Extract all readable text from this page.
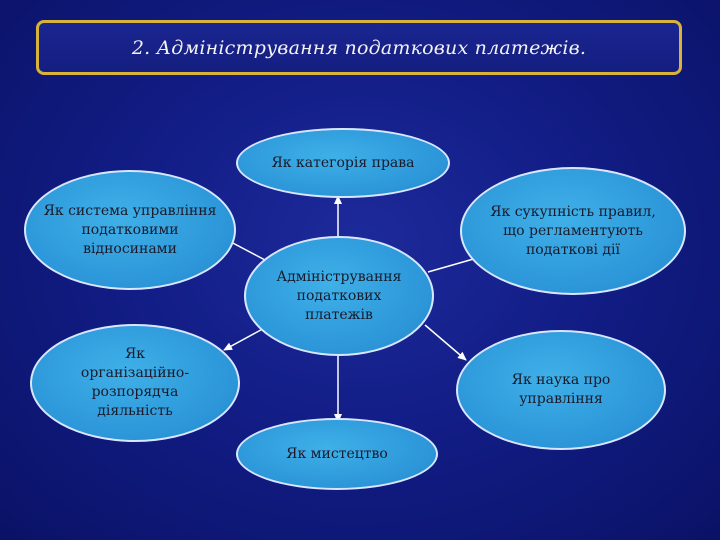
2. Адміністрування податкових платежів.
Як категорія права
Як система управління податковими відносинами
Як сукупність правил, що регламентують податкові дії
Адміністрування податкових платежів
Як організаційно-розпорядча діяльність
Як наука про управління
Як мистецтво
